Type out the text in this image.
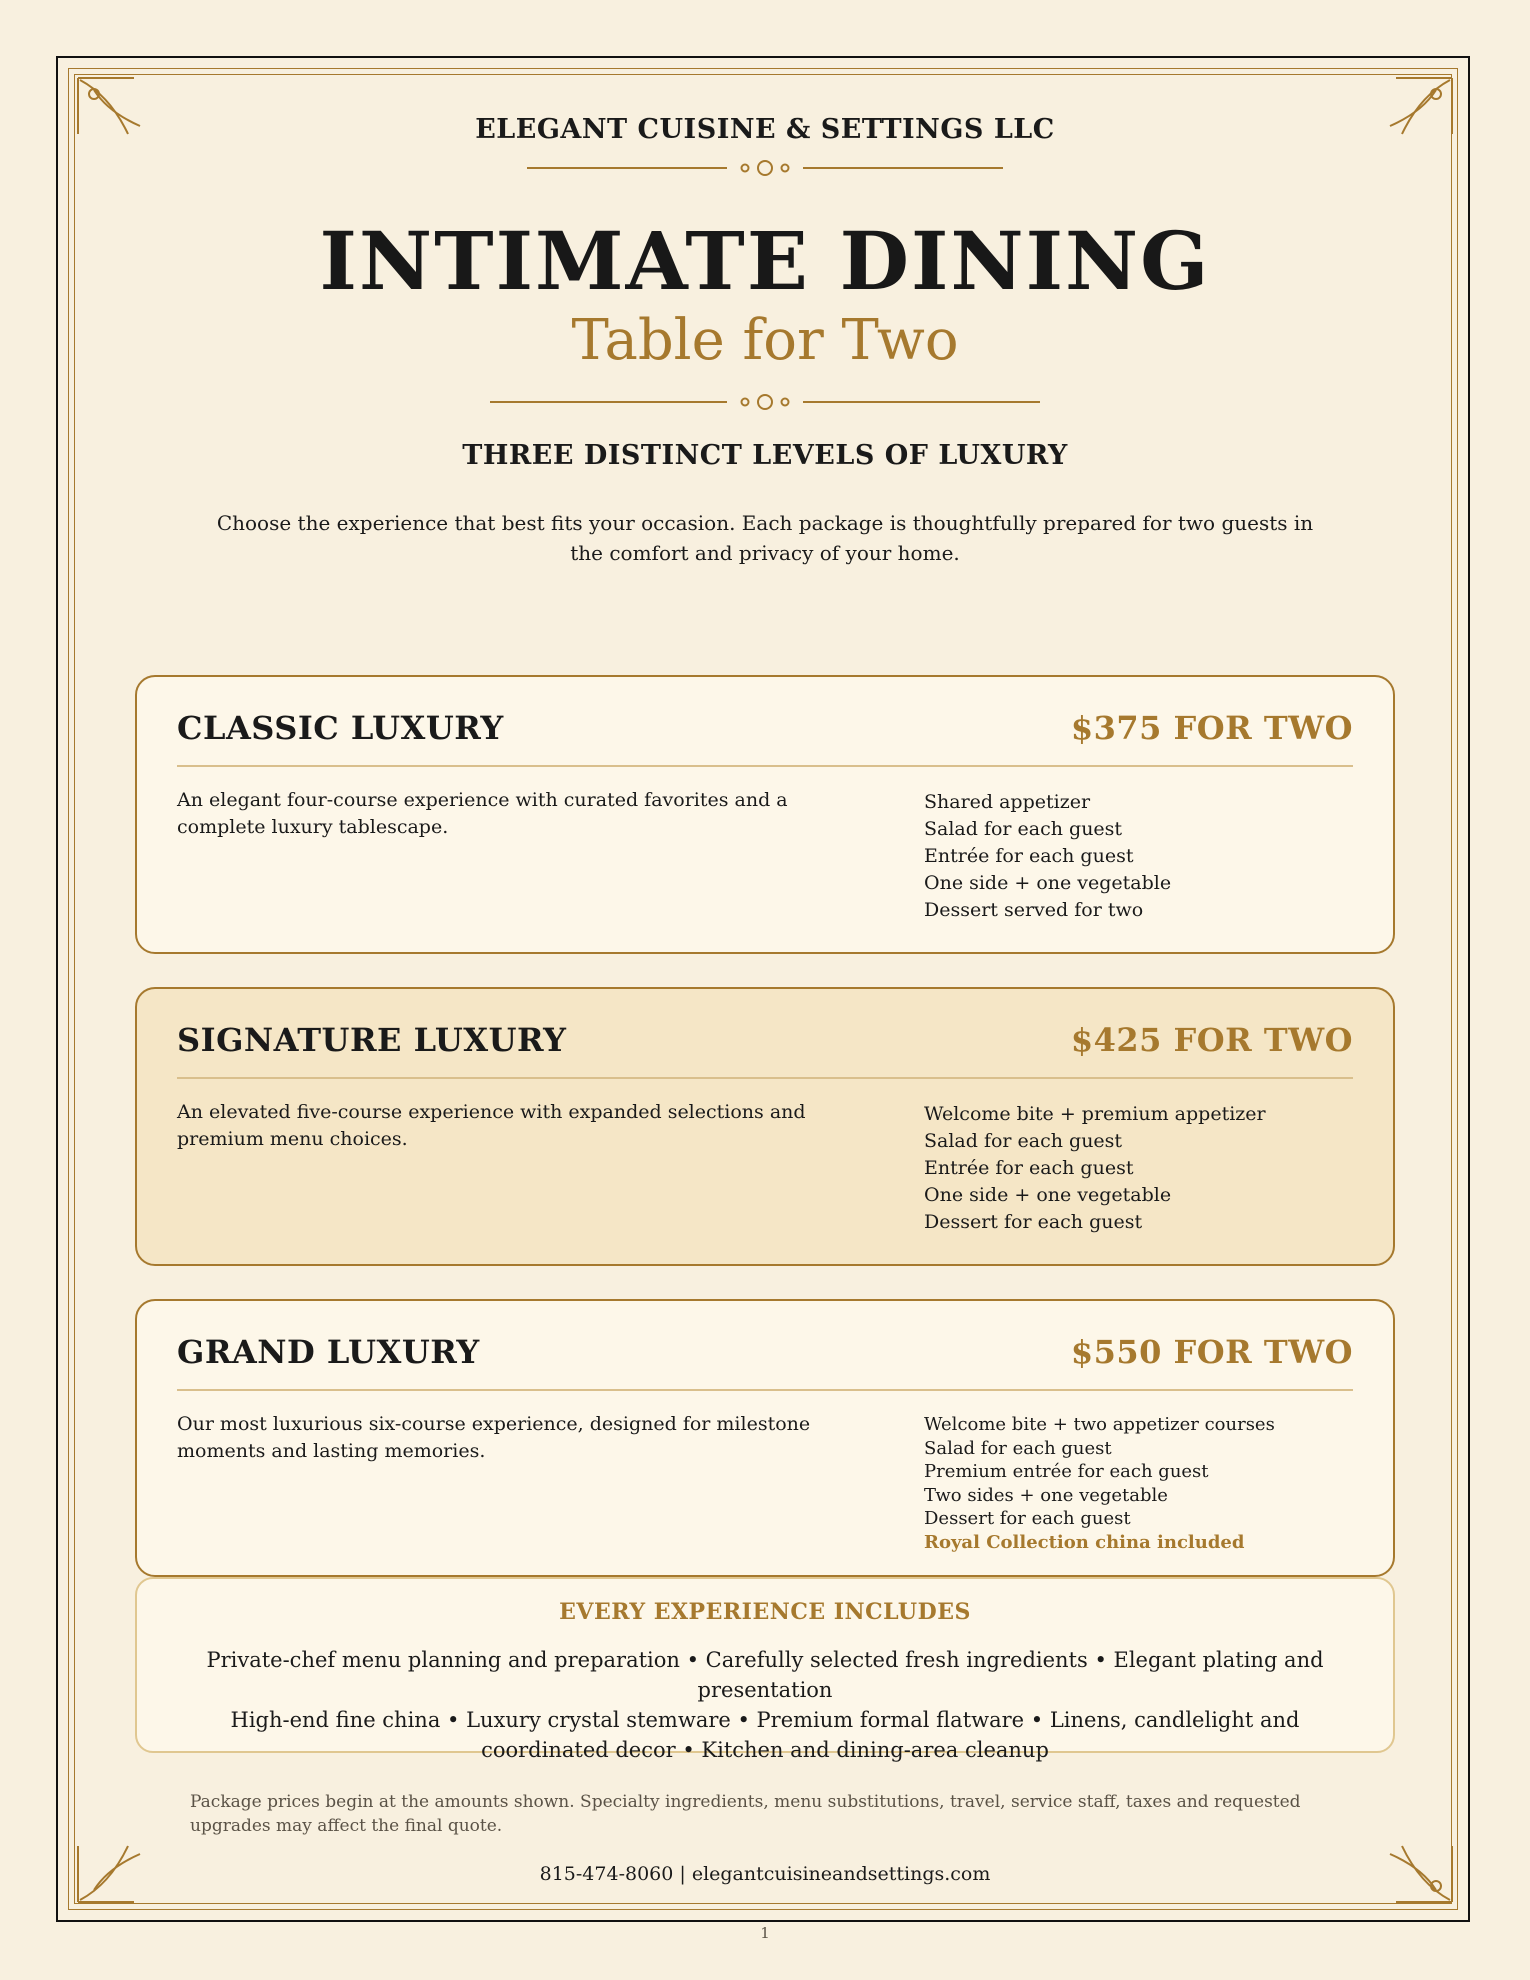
ELEGANT CUISINE & SETTINGS LLC
INTIMATE DINING
Table for Two
THREE DISTINCT LEVELS OF LUXURY
Choose the experience that best fits your occasion. Each package is thoughtfully prepared for two guests in the comfort and privacy of your home.
CLASSIC LUXURY	$375 FOR TWO
An elegant four-course experience with curated favorites and a complete luxury tablescape.
Shared appetizer
Salad for each guest
Entrée for each guest
One side + one vegetable
Dessert served for two
SIGNATURE LUXURY	$425 FOR TWO
An elevated five-course experience with expanded selections and premium menu choices.
Welcome bite + premium appetizer
Salad for each guest
Entrée for each guest
One side + one vegetable
Dessert for each guest
GRAND LUXURY	$550 FOR TWO
Our most luxurious six-course experience, designed for milestone moments and lasting memories.
Welcome bite + two appetizer courses
Salad for each guest
Premium entrée for each guest
Two sides + one vegetable
Dessert for each guest
Royal Collection china included
EVERY EXPERIENCE INCLUDES
Private-chef menu planning and preparation • Carefully selected fresh ingredients • Elegant plating and presentation
High-end fine china • Luxury crystal stemware • Premium formal flatware • Linens, candlelight and coordinated decor • Kitchen and dining-area cleanup
Package prices begin at the amounts shown. Specialty ingredients, menu substitutions, travel, service staff, taxes and requested upgrades may affect the final quote.
815-474-8060 | elegantcuisineandsettings.com
1
